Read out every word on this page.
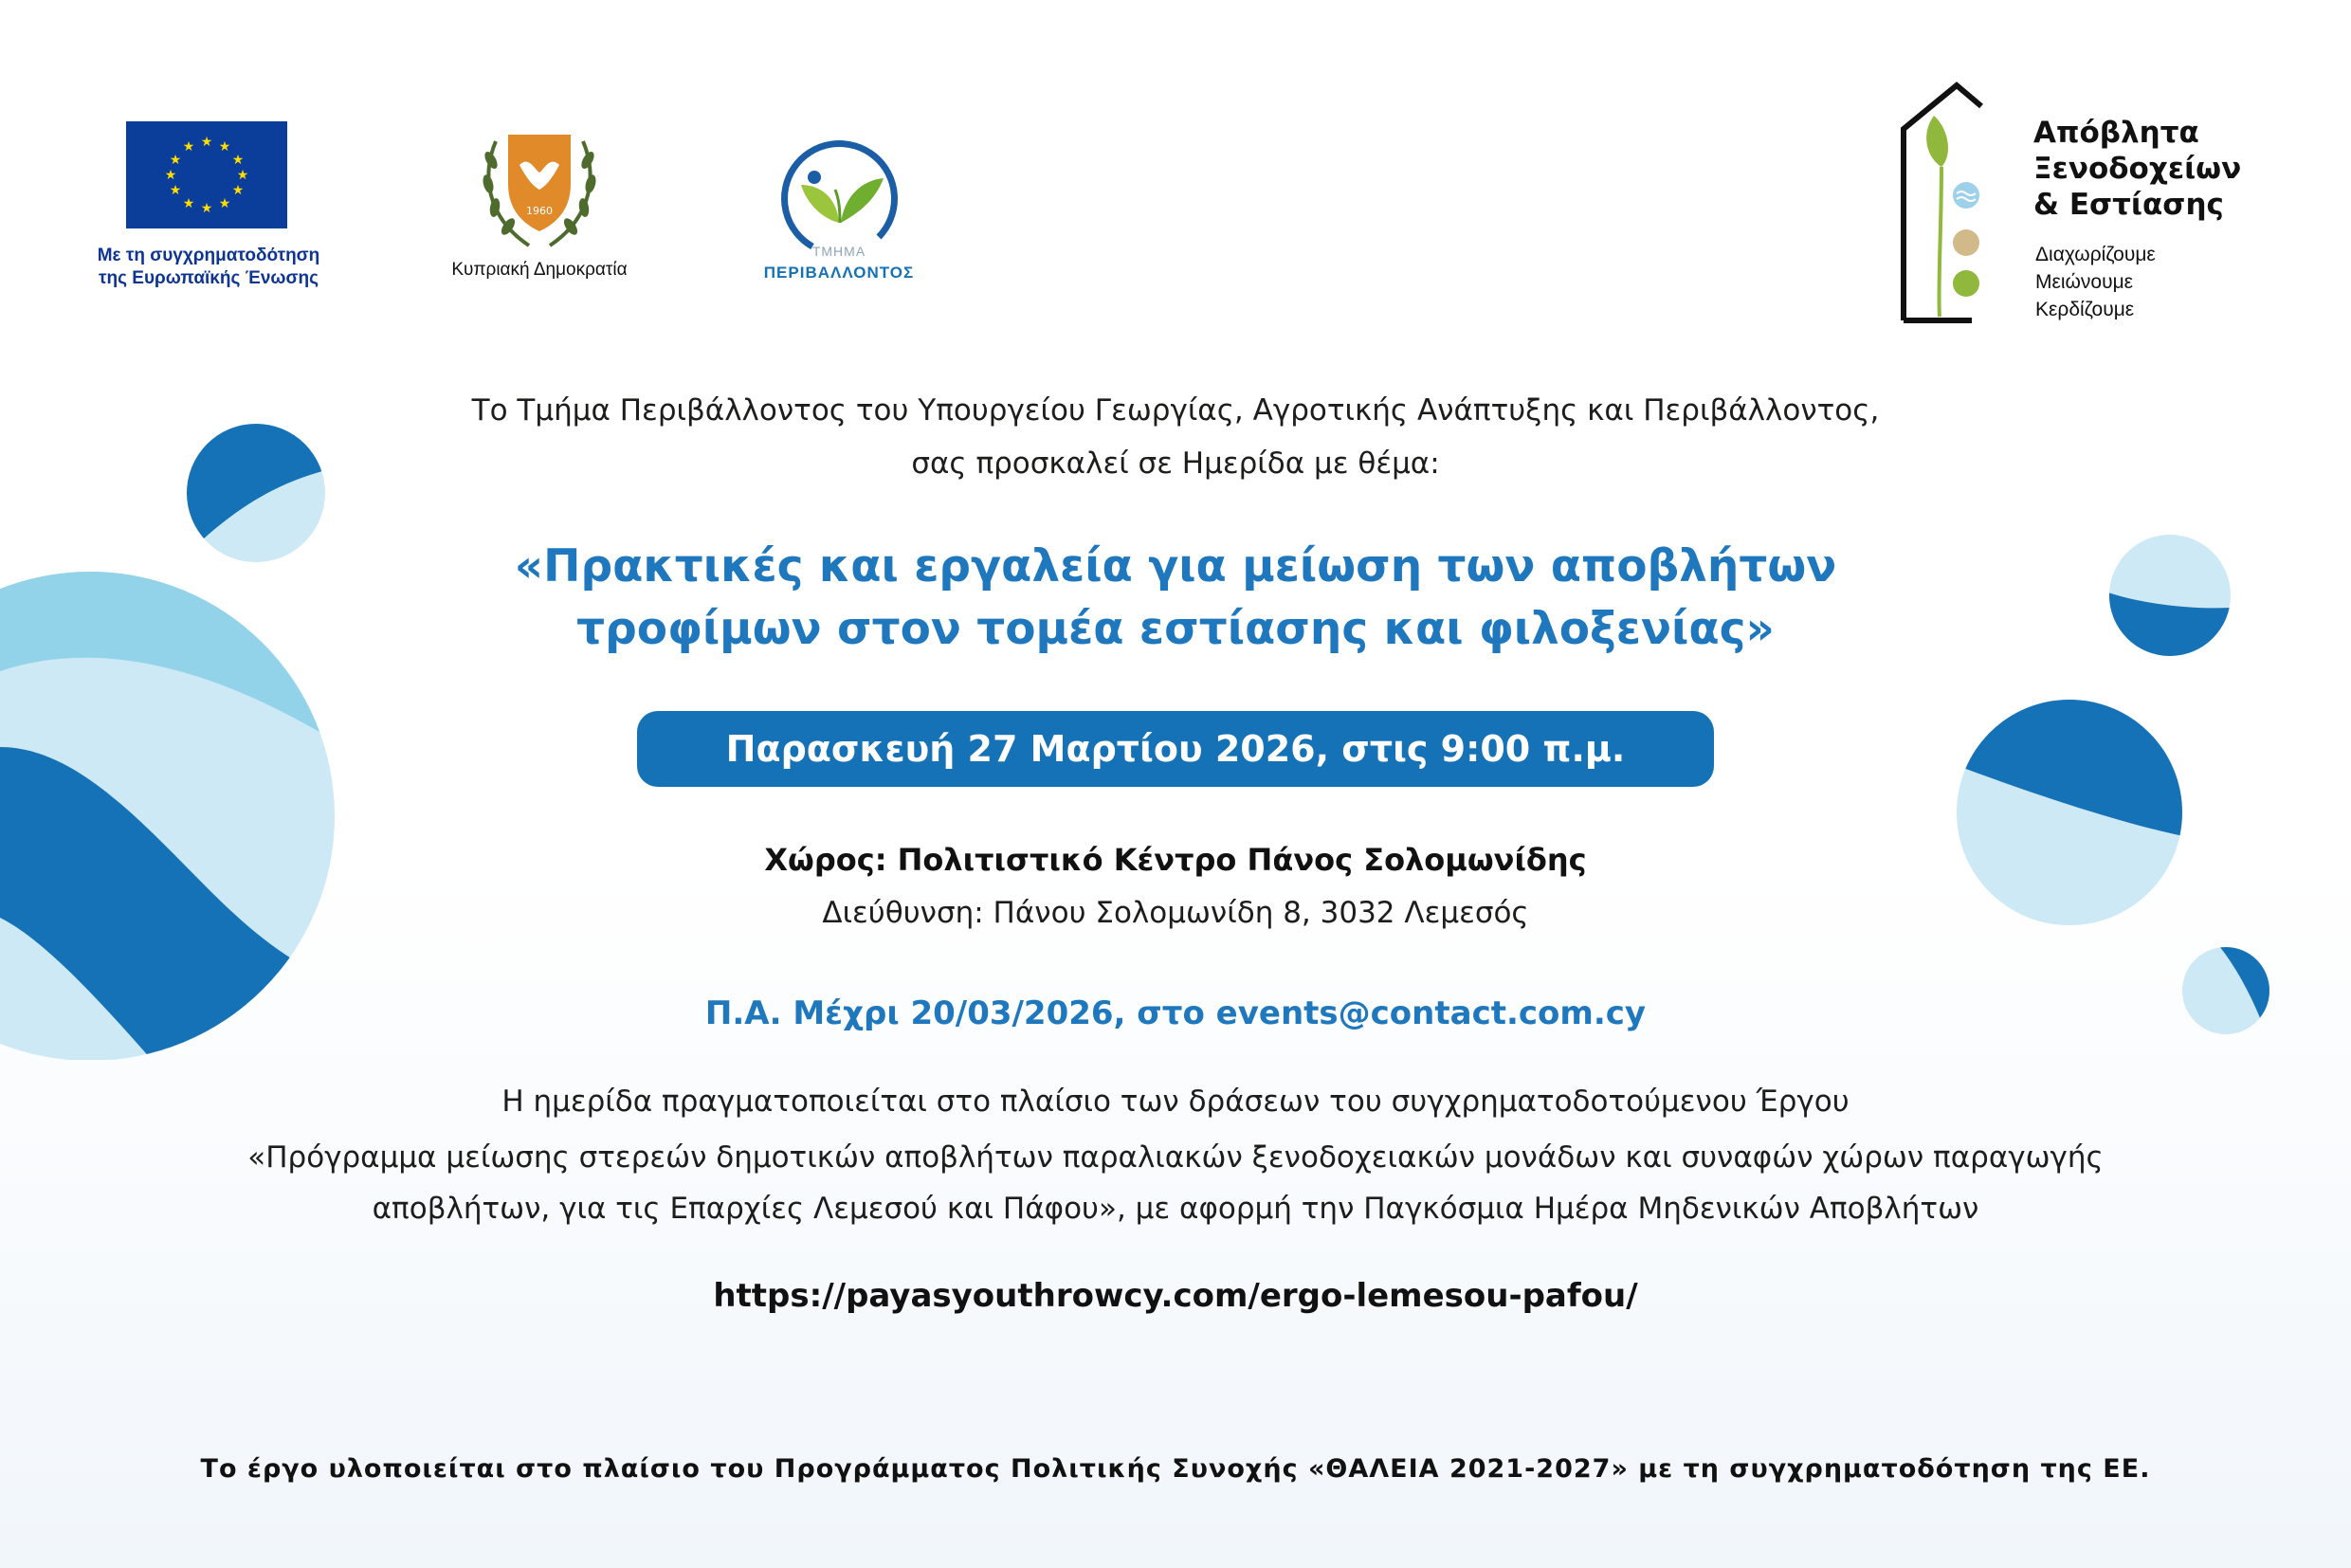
★ ★
★
★
★
★
★
★
★
★
★
★
Με τη συγχρηματοδότηση
της Ευρωπαϊκής Ένωσης
1960
Κυπριακή Δημοκρατία
ΤΜΗΜΑ
ΠΕΡΙΒΑΛΛΟΝΤΟΣ
Απόβλητα
Ξενοδοχείων
& Εστίασης
Διαχωρίζουμε
Μειώνουμε
Κερδίζουμε
Το Τμήμα Περιβάλλοντος του Υπουργείου Γεωργίας, Αγροτικής Ανάπτυξης και Περιβάλλοντος,
σας προσκαλεί σε Ημερίδα με θέμα:
«Πρακτικές και εργαλεία για μείωση των αποβλήτων
τροφίμων στον τομέα εστίασης και φιλοξενίας»
Παρασκευή 27 Μαρτίου 2026, στις 9:00 π.μ.
Χώρος: Πολιτιστικό Κέντρο Πάνος Σολομωνίδης
Διεύθυνση: Πάνου Σολομωνίδη 8, 3032 Λεμεσός
Π.Α. Μέχρι 20/03/2026, στο events@contact.com.cy
Η ημερίδα πραγματοποιείται στο πλαίσιο των δράσεων του συγχρηματοδοτούμενου Έργου
«Πρόγραμμα μείωσης στερεών δημοτικών αποβλήτων παραλιακών ξενοδοχειακών μονάδων και συναφών χώρων παραγωγής
αποβλήτων, για τις Επαρχίες Λεμεσού και Πάφου», με αφορμή την Παγκόσμια Ημέρα Μηδενικών Αποβλήτων
https://payasyouthrowcy.com/ergo-lemesou-pafou/
Το έργο υλοποιείται στο πλαίσιο του Προγράμματος Πολιτικής Συνοχής «ΘΑΛΕΙΑ 2021-2027» με τη συγχρηματοδότηση της ΕΕ.
